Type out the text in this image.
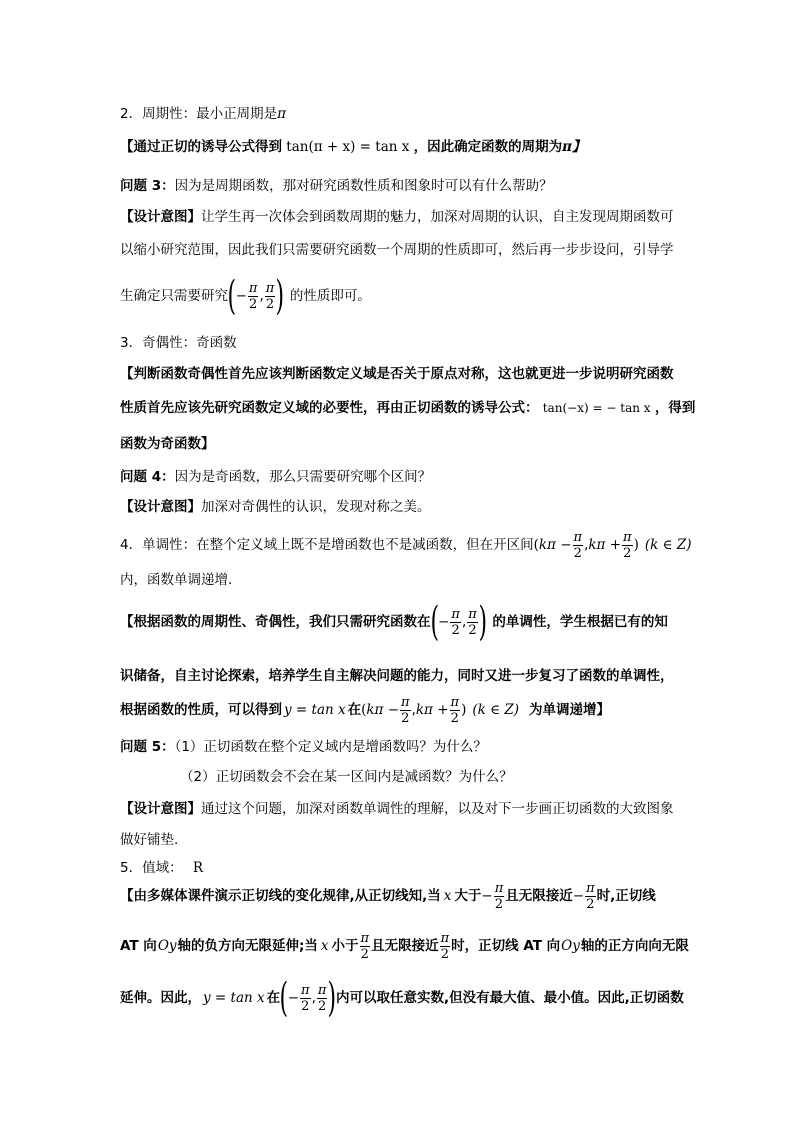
2．周期性：最小正周期是π
【通过正切的诱导公式得到 tan(π + x) = tan x ，因此确定函数的周期为π】
问题 3：因为是周期函数，那对研究函数性质和图象时可以有什么帮助？
【设计意图】让学生再一次体会到函数周期的魅力，加深对周期的认识，自主发现周期函数可
以缩小研究范围，因此我们只需要研究函数一个周期的性质即可，然后再一步步设问，引导学
生确定只需要研究 ( − $\frac{\pi}{2}$ , $\frac{\pi}{2}$ ) 的性质即可。
3．奇偶性：奇函数
【判断函数奇偶性首先应该判断函数定义域是否关于原点对称，这也就更进一步说明研究函数
性质首先应该先研究函数定义域的必要性，再由正切函数的诱导公式： tan(−x) = − tan x ，得到
函数为奇函数】
问题 4：因为是奇函数，那么只需要研究哪个区间？
【设计意图】加深对奇偶性的认识，发现对称之美。
4．单调性：在整个定义域上既不是增函数也不是减函数，但在开区间 ( $k\pi - \frac{\pi}{2}$ , $k\pi + \frac{\pi}{2}$ ) (k ∈ Z)
内，函数单调递增．
【根据函数的周期性、奇偶性，我们只需研究函数在 ( − $\frac{\pi}{2}$ , $\frac{\pi}{2}$ ) 的单调性，学生根据已有的知
识储备，自主讨论探索，培养学生自主解决问题的能力，同时又进一步复习了函数的单调性，
根据函数的性质，可以得到 y = tan x 在 ( $k\pi - \frac{\pi}{2}$ , $k\pi + \frac{\pi}{2}$ ) (k ∈ Z) 为单调递增】
问题 5：（1）正切函数在整个定义域内是增函数吗？为什么？
（2）正切函数会不会在某一区间内是减函数？为什么？
【设计意图】通过这个问题，加深对函数单调性的理解，以及对下一步画正切函数的大致图象
做好铺垫.
5．值域： R
【由多媒体课件演示正切线的变化规律,从正切线知,当 x 大于 − $\frac{\pi}{2}$ 且无限接近 − $\frac{\pi}{2}$ 时,正切线
AT 向 Oy 轴的负方向无限延伸;当 x 小于 $\frac{\pi}{2}$ 且无限接近 $\frac{\pi}{2}$ 时，正切线 AT 向 Oy 轴的正方向向无限
延伸。因此， y = tan x 在 ( − $\frac{\pi}{2}$ , $\frac{\pi}{2}$ ) 内可以取任意实数,但没有最大值、最小值。因此,正切函数
